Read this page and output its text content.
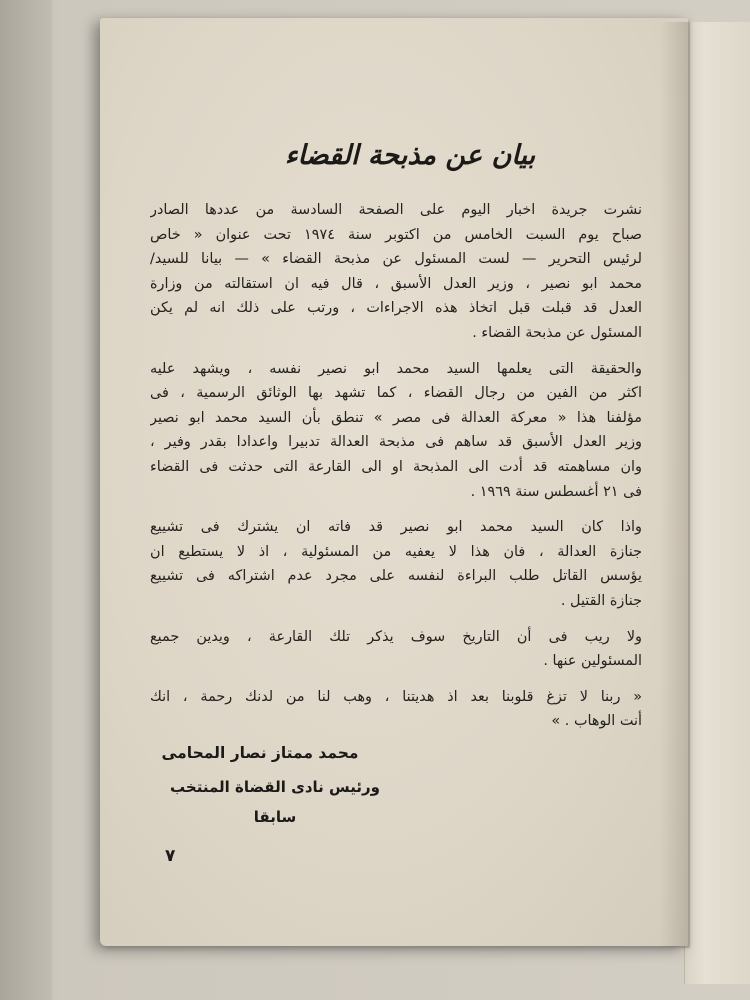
بيان عن مذبحة القضاء
نشرت جريدة اخبار اليوم على الصفحة السادسة من عددها الصادر
صباح يوم السبت الخامس من اكتوبر سنة ١٩٧٤ تحت عنوان « خاص
لرئيس التحرير — لست المسئول عن مذبحة القضاء » — بيانا للسيد/
محمد ابو نصير ، وزير العدل الأسبق ، قال فيه ان استقالته من وزارة
العدل قد قبلت قبل اتخاذ هذه الاجراءات ، ورتب على ذلك انه لم يكن
المسئول عن مذبحة القضاء .
والحقيقة التى يعلمها السيد محمد ابو نصير نفسه ، ويشهد عليه
اكثر من الفين من رجال القضاء ، كما تشهد بها الوثائق الرسمية ، فى
مؤلفنا هذا « معركة العدالة فى مصر » تنطق بأن السيد محمد ابو نصير
وزير العدل الأسبق قد ساهم فى مذبحة العدالة تدبيرا واعدادا بقدر وفير ،
وان مساهمته قد أدت الى المذبحة او الى القارعة التى حدثت فى القضاء
فى ٢١ أغسطس سنة ١٩٦٩ .
واذا كان السيد محمد ابو نصير قد فاته ان يشترك فى تشييع
جنازة العدالة ، فان هذا لا يعفيه من المسئولية ، اذ لا يستطيع ان
يؤسس القاتل طلب البراءة لنفسه على مجرد عدم اشتراكه فى تشييع
جنازة القتيل .
ولا ريب فى أن التاريخ سوف يذكر تلك القارعة ، ويدين جميع
المسئولين عنها .
« ربنا لا تزغ قلوبنا بعد اذ هديتنا ، وهب لنا من لدنك رحمة ، انك
أنت الوهاب . »
محمد ممتاز نصار المحامى
ورئيس نادى القضاة المنتخب سابقا
٧
